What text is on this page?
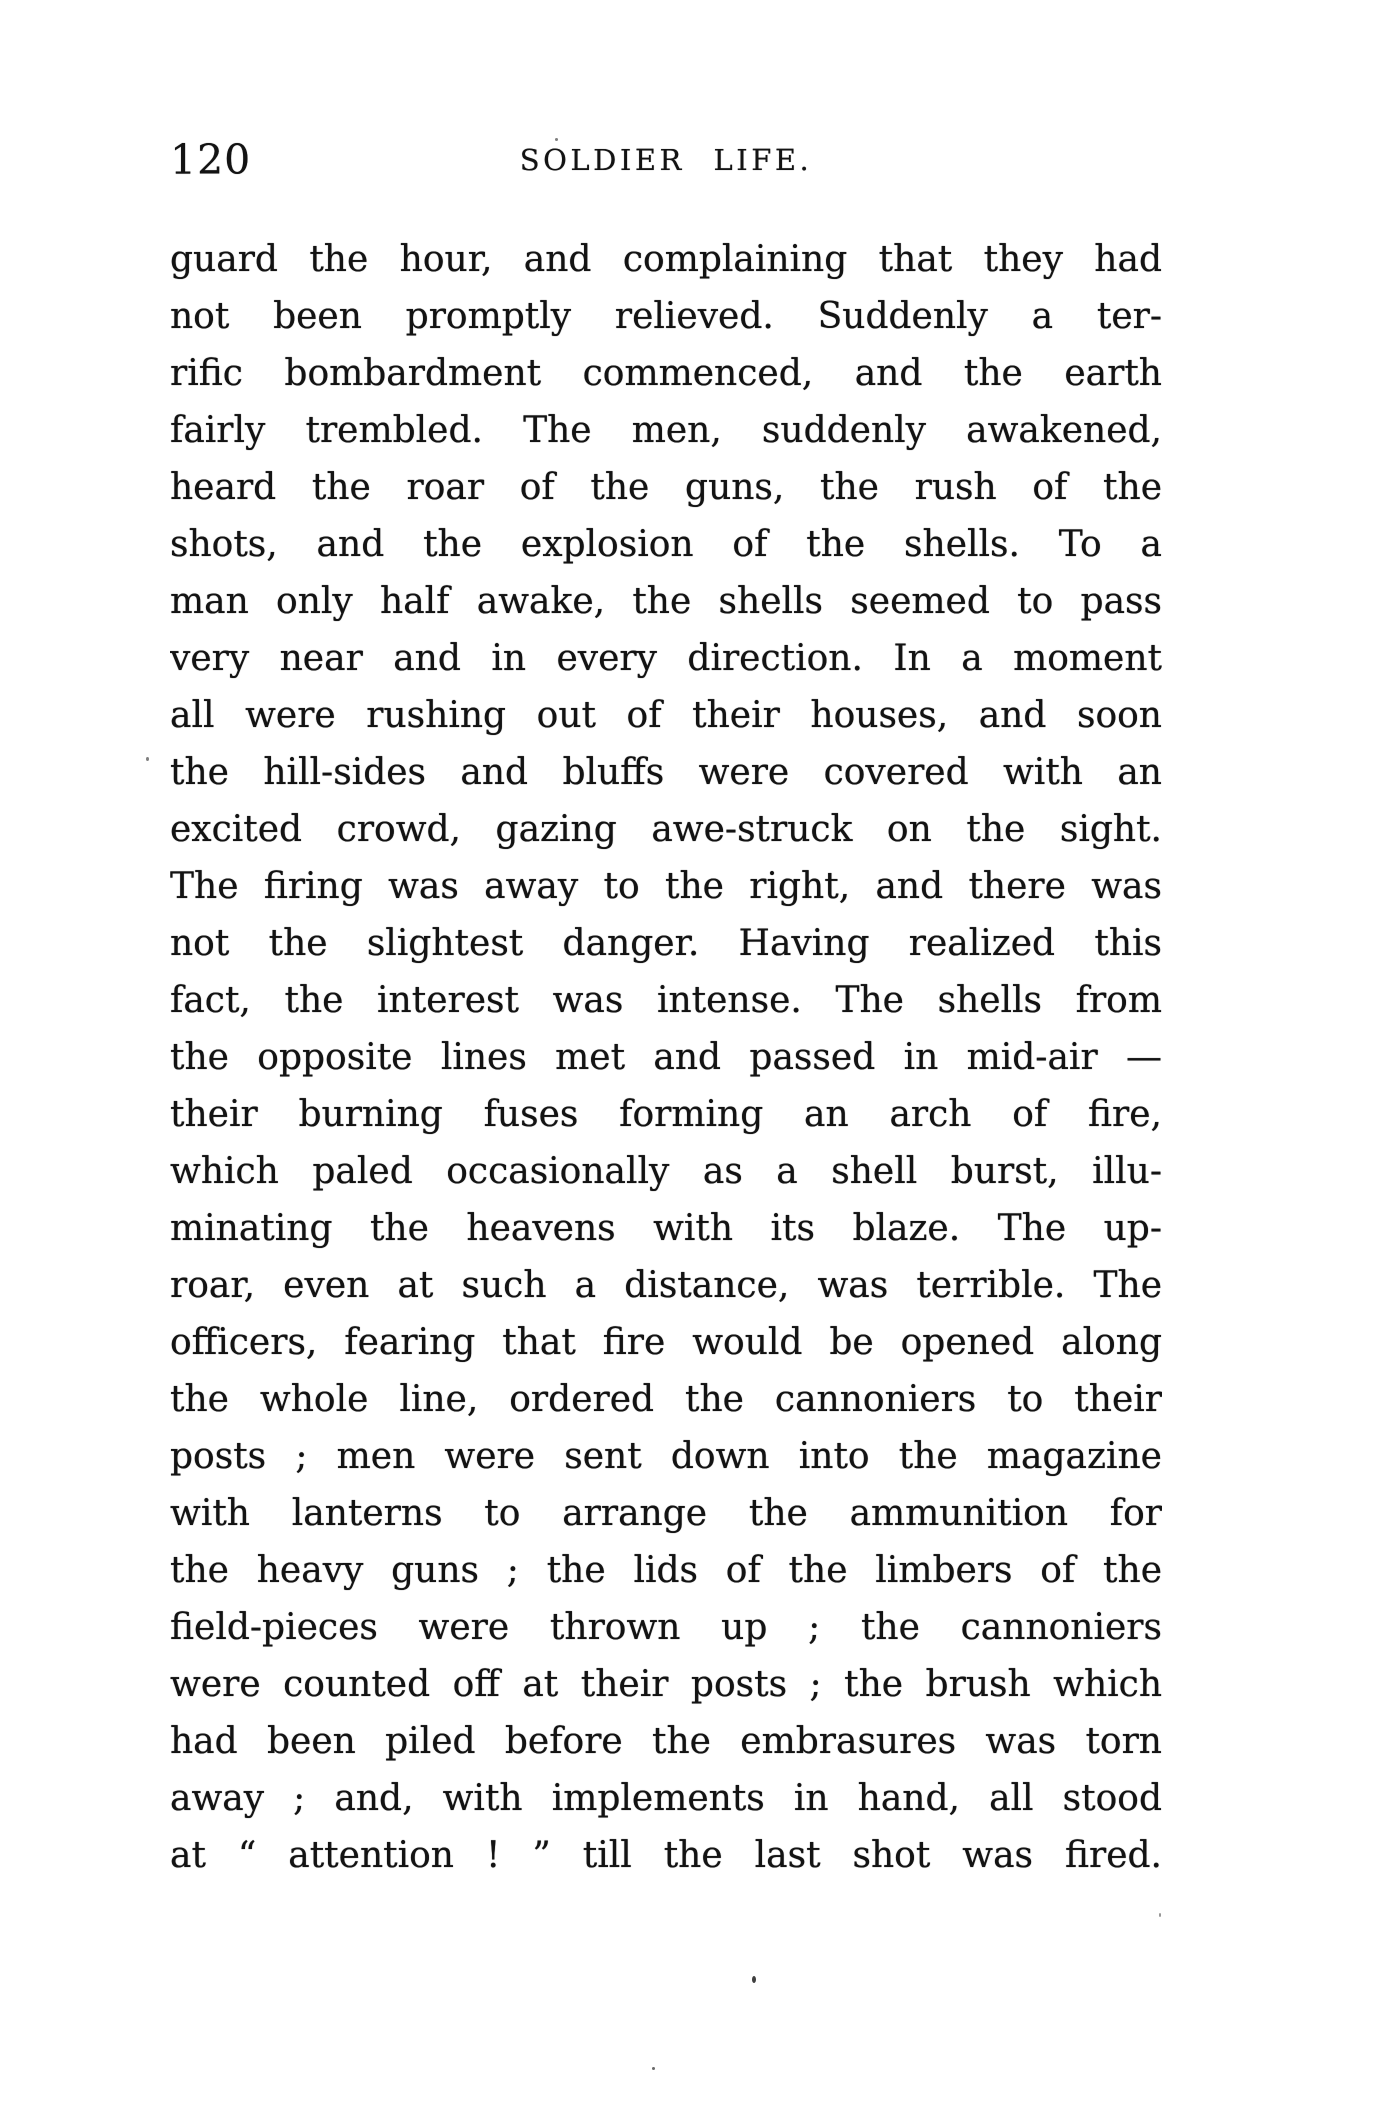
120	SOLDIER LIFE.
guard the hour, and complaining that they had
not been promptly relieved. Suddenly a ter-
rific bombardment commenced, and the earth
fairly trembled. The men, suddenly awakened,
heard the roar of the guns, the rush of the
shots, and the explosion of the shells. To a
man only half awake, the shells seemed to pass
very near and in every direction. In a moment
all were rushing out of their houses, and soon
the hill-sides and bluffs were covered with an
excited crowd, gazing awe-struck on the sight.
The firing was away to the right, and there was
not the slightest danger. Having realized this
fact, the interest was intense. The shells from
the opposite lines met and passed in mid-air —
their burning fuses forming an arch of fire,
which paled occasionally as a shell burst, illu-
minating the heavens with its blaze. The up-
roar, even at such a distance, was terrible. The
officers, fearing that fire would be opened along
the whole line, ordered the cannoniers to their
posts ; men were sent down into the magazine
with lanterns to arrange the ammunition for
the heavy guns ; the lids of the limbers of the
field-pieces were thrown up ; the cannoniers
were counted off at their posts ; the brush which
had been piled before the embrasures was torn
away ; and, with implements in hand, all stood
at “ attention ! ” till the last shot was fired.
